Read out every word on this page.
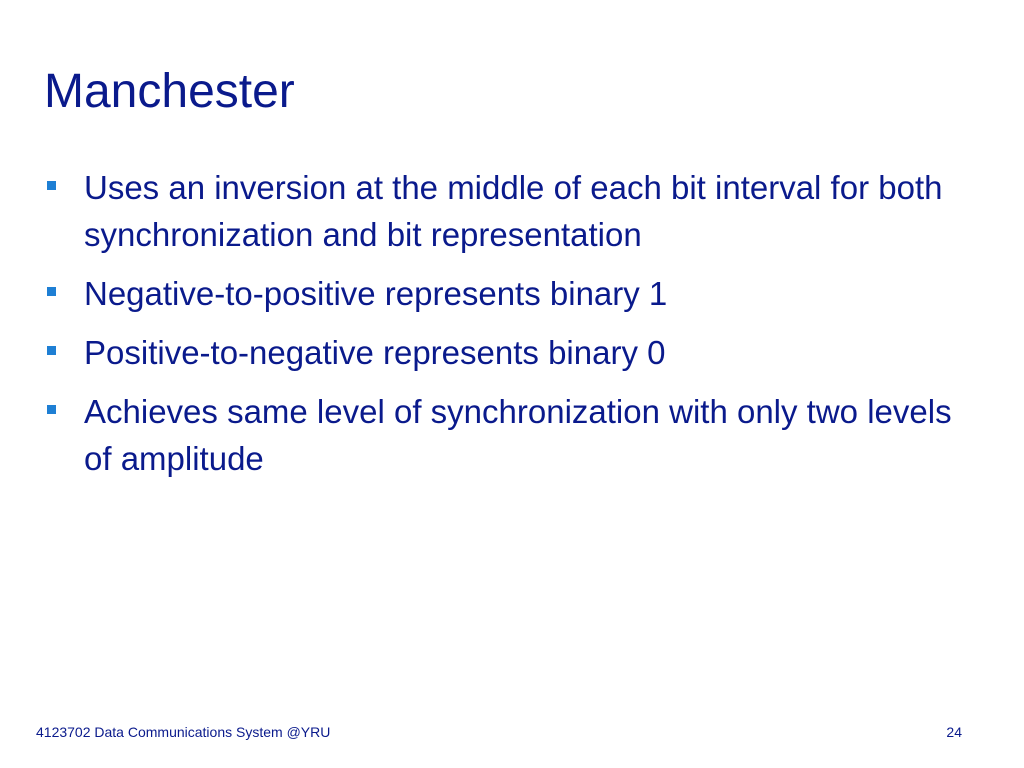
Manchester
Uses an inversion at the middle of each bit interval for both synchronization and bit representation
Negative-to-positive represents binary 1
Positive-to-negative represents binary 0
Achieves same level of synchronization with only two levels of amplitude
4123702 Data Communications System @YRU	24
